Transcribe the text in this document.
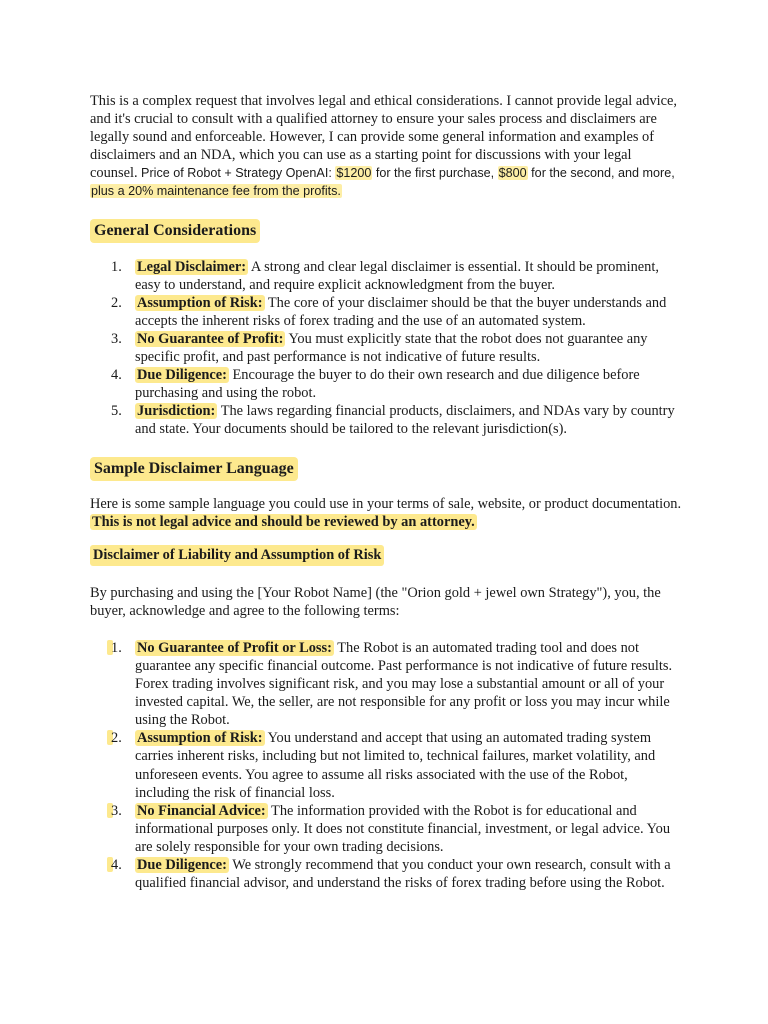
This is a complex request that involves legal and ethical considerations. I cannot provide legal advice, and it's crucial to consult with a qualified attorney to ensure your sales process and disclaimers are legally sound and enforceable. However, I can provide some general information and examples of disclaimers and an NDA, which you can use as a starting point for discussions with your legal counsel. Price of Robot + Strategy OpenAI: $1200 for the first purchase, $800 for the second, and more, plus a 20% maintenance fee from the profits.

General Considerations
1. Legal Disclaimer: A strong and clear legal disclaimer is essential. It should be prominent, easy to understand, and require explicit acknowledgment from the buyer.
2. Assumption of Risk: The core of your disclaimer should be that the buyer understands and accepts the inherent risks of forex trading and the use of an automated system.
3. No Guarantee of Profit: You must explicitly state that the robot does not guarantee any specific profit, and past performance is not indicative of future results.
4. Due Diligence: Encourage the buyer to do their own research and due diligence before purchasing and using the robot.
5. Jurisdiction: The laws regarding financial products, disclaimers, and NDAs vary by country and state. Your documents should be tailored to the relevant jurisdiction(s).
Sample Disclaimer Language

Here is some sample language you could use in your terms of sale, website, or product documentation. This is not legal advice and should be reviewed by an attorney.

Disclaimer of Liability and Assumption of Risk

By purchasing and using the [Your Robot Name] (the "Orion gold + jewel own Strategy"), you, the buyer, acknowledge and agree to the following terms:

1. No Guarantee of Profit or Loss: The Robot is an automated trading tool and does not guarantee any specific financial outcome. Past performance is not indicative of future results. Forex trading involves significant risk, and you may lose a substantial amount or all of your invested capital. We, the seller, are not responsible for any profit or loss you may incur while using the Robot.
2. Assumption of Risk: You understand and accept that using an automated trading system carries inherent risks, including but not limited to, technical failures, market volatility, and unforeseen events. You agree to assume all risks associated with the use of the Robot, including the risk of financial loss.
3. No Financial Advice: The information provided with the Robot is for educational and informational purposes only. It does not constitute financial, investment, or legal advice. You are solely responsible for your own trading decisions.
4. Due Diligence: We strongly recommend that you conduct your own research, consult with a qualified financial advisor, and understand the risks of forex trading before using the Robot.
